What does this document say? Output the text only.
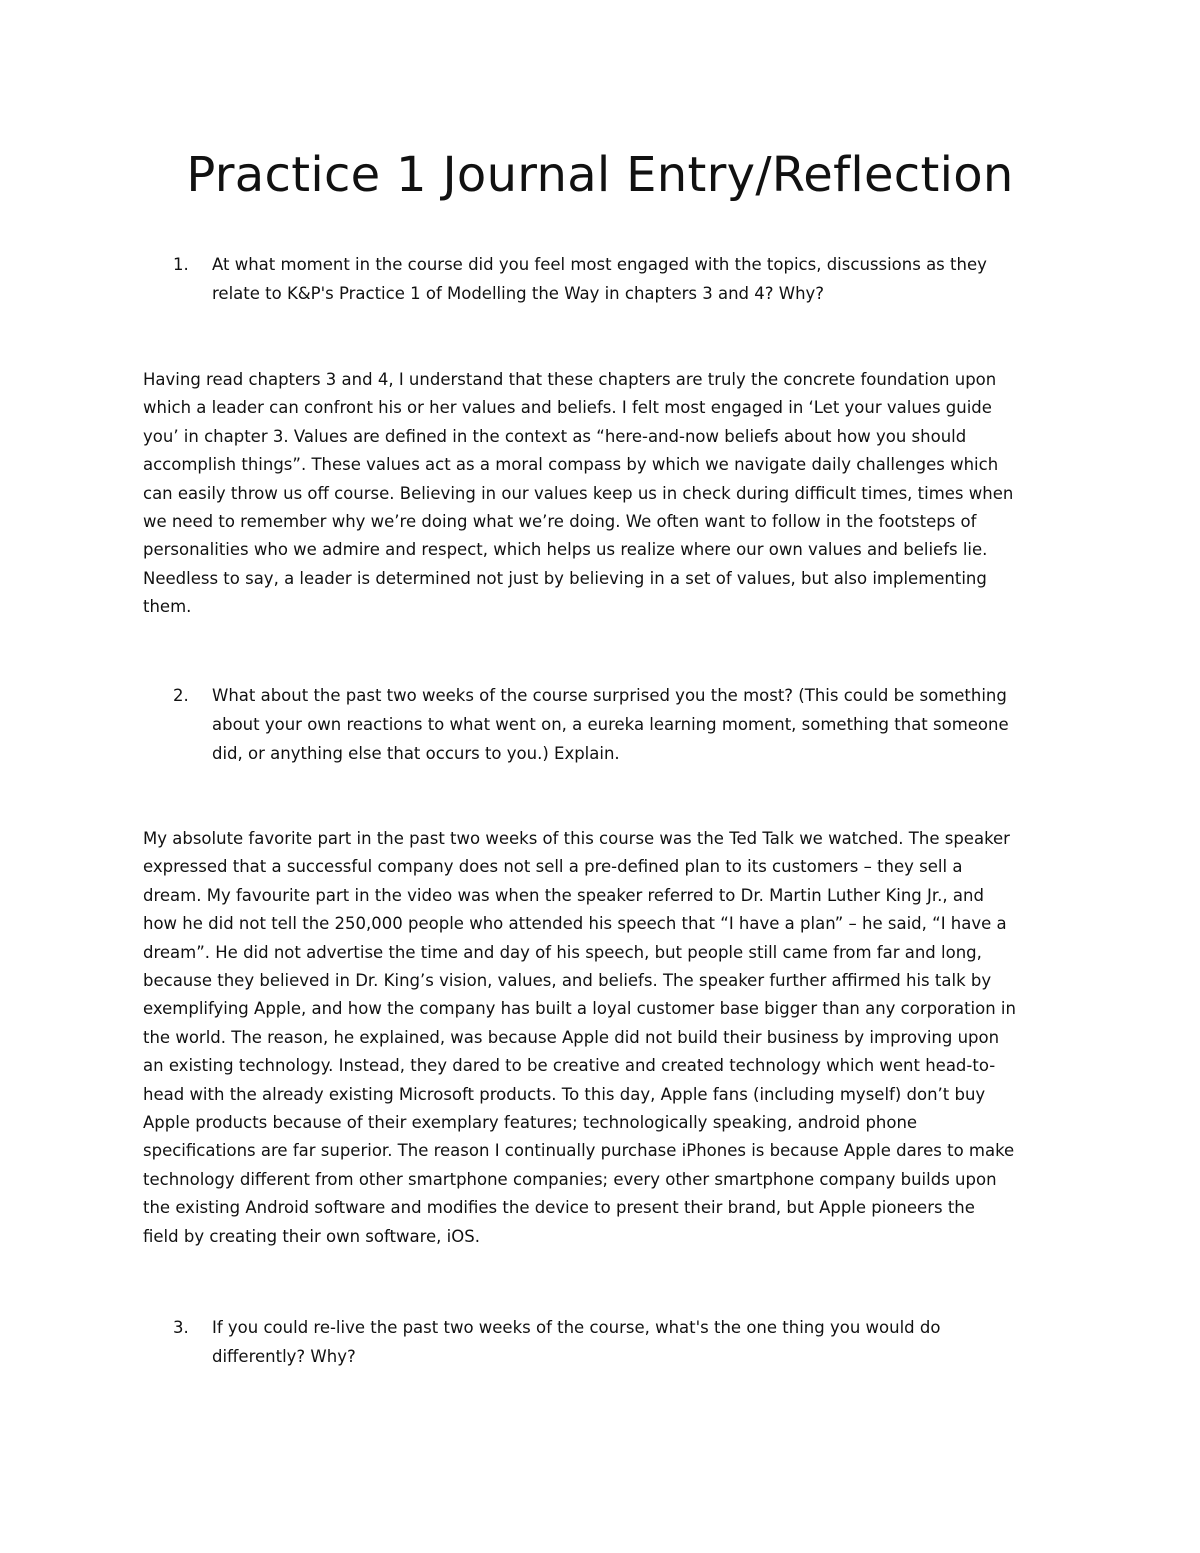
Practice 1 Journal Entry/Reflection
1. At what moment in the course did you feel most engaged with the topics, discussions as they
relate to K&P's Practice 1 of Modelling the Way in chapters 3 and 4? Why?
Having read chapters 3 and 4, I understand that these chapters are truly the concrete foundation upon
which a leader can confront his or her values and beliefs. I felt most engaged in ‘Let your values guide
you’ in chapter 3. Values are defined in the context as “here-and-now beliefs about how you should
accomplish things”. These values act as a moral compass by which we navigate daily challenges which
can easily throw us off course. Believing in our values keep us in check during difficult times, times when
we need to remember why we’re doing what we’re doing. We often want to follow in the footsteps of
personalities who we admire and respect, which helps us realize where our own values and beliefs lie.
Needless to say, a leader is determined not just by believing in a set of values, but also implementing
them.
2. What about the past two weeks of the course surprised you the most? (This could be something
about your own reactions to what went on, a eureka learning moment, something that someone
did, or anything else that occurs to you.) Explain.
My absolute favorite part in the past two weeks of this course was the Ted Talk we watched. The speaker
expressed that a successful company does not sell a pre-defined plan to its customers – they sell a
dream. My favourite part in the video was when the speaker referred to Dr. Martin Luther King Jr., and
how he did not tell the 250,000 people who attended his speech that “I have a plan” – he said, “I have a
dream”. He did not advertise the time and day of his speech, but people still came from far and long,
because they believed in Dr. King’s vision, values, and beliefs. The speaker further affirmed his talk by
exemplifying Apple, and how the company has built a loyal customer base bigger than any corporation in
the world. The reason, he explained, was because Apple did not build their business by improving upon
an existing technology. Instead, they dared to be creative and created technology which went head-to-
head with the already existing Microsoft products. To this day, Apple fans (including myself) don’t buy
Apple products because of their exemplary features; technologically speaking, android phone
specifications are far superior. The reason I continually purchase iPhones is because Apple dares to make
technology different from other smartphone companies; every other smartphone company builds upon
the existing Android software and modifies the device to present their brand, but Apple pioneers the
field by creating their own software, iOS.
3. If you could re-live the past two weeks of the course, what's the one thing you would do
differently? Why?
